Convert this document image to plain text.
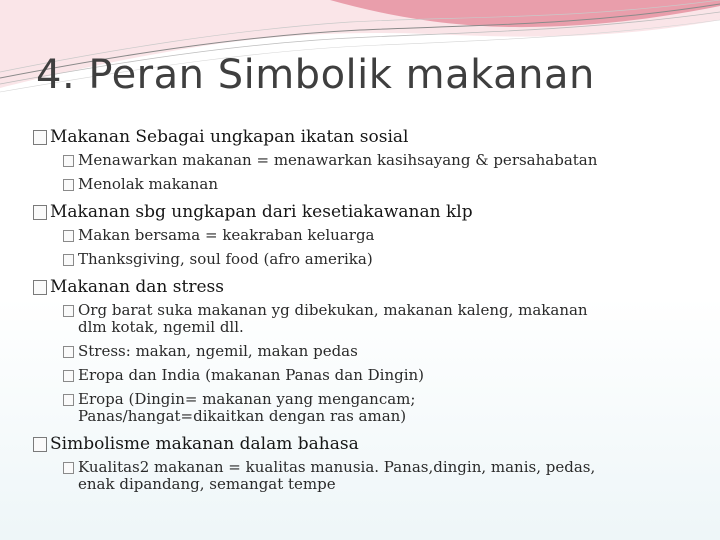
4. Peran Simbolik makanan
Makanan Sebagai ungkapan ikatan sosial
Menawarkan makanan = menawarkan kasihsayang & persahabatan
Menolak makanan
Makanan sbg ungkapan dari kesetiakawanan klp
Makan bersama = keakraban keluarga
Thanksgiving, soul food (afro amerika)
Makanan dan stress
Org barat suka makanan yg dibekukan, makanan kaleng, makanan
dlm kotak, ngemil dll.
Stress: makan, ngemil, makan pedas
Eropa dan India (makanan Panas dan Dingin)
Eropa (Dingin= makanan yang mengancam;
Panas/hangat=dikaitkan dengan ras aman)
Simbolisme makanan dalam bahasa
Kualitas2 makanan = kualitas manusia. Panas,dingin, manis, pedas,
enak dipandang, semangat tempe
